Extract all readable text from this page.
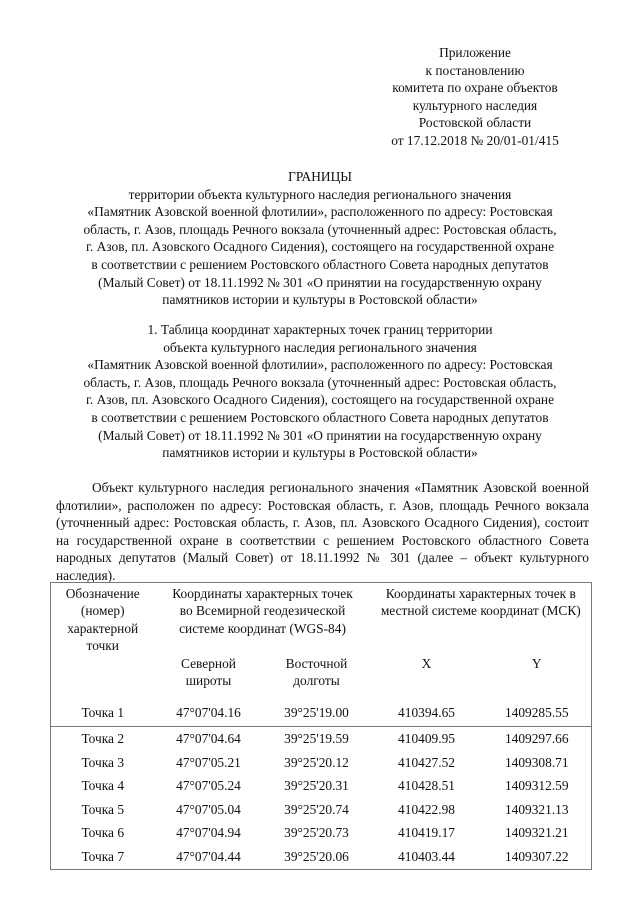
Приложение
к постановлению
комитета по охране объектов
культурного наследия
Ростовской области
от 17.12.2018 № 20/01-01/415
ГРАНИЦЫ
территории объекта культурного наследия регионального значения
«Памятник Азовской военной флотилии», расположенного по адресу: Ростовская
область, г. Азов, площадь Речного вокзала (уточненный адрес: Ростовская область,
г. Азов, пл. Азовского Осадного Сидения), состоящего на государственной охране
в соответствии с решением Ростовского областного Совета народных депутатов
(Малый Совет) от 18.11.1992 № 301 «О принятии на государственную охрану
памятников истории и культуры в Ростовской области»
1. Таблица координат характерных точек границ территории
объекта культурного наследия регионального значения
«Памятник Азовской военной флотилии», расположенного по адресу: Ростовская
область, г. Азов, площадь Речного вокзала (уточненный адрес: Ростовская область,
г. Азов, пл. Азовского Осадного Сидения), состоящего на государственной охране
в соответствии с решением Ростовского областного Совета народных депутатов
(Малый Совет) от 18.11.1992 № 301 «О принятии на государственную охрану
памятников истории и культуры в Ростовской области»
Объект культурного наследия регионального значения «Памятник Азовской военной флотилии», расположен по адресу: Ростовская область, г. Азов, площадь Речного вокзала (уточненный адрес: Ростовская область, г. Азов, пл. Азовского Осадного Сидения), состоит на государственной охране в соответствии с решением Ростовского областного Совета народных депутатов (Малый Совет) от 18.11.1992 № 301 (далее – объект культурного наследия).
Обозначение (номер) характерной точки	Координаты характерных точек во Всемирной геодезической системе координат (WGS-84)		Координаты характерных точек в местной системе координат (МСК)	
	Северной широты	Восточной долготы	X	Y
Точка 1	47°07'04.16	39°25'19.00	410394.65	1409285.55
Точка 2	47°07'04.64	39°25'19.59	410409.95	1409297.66
Точка 3	47°07'05.21	39°25'20.12	410427.52	1409308.71
Точка 4	47°07'05.24	39°25'20.31	410428.51	1409312.59
Точка 5	47°07'05.04	39°25'20.74	410422.98	1409321.13
Точка 6	47°07'04.94	39°25'20.73	410419.17	1409321.21
Точка 7	47°07'04.44	39°25'20.06	410403.44	1409307.22
